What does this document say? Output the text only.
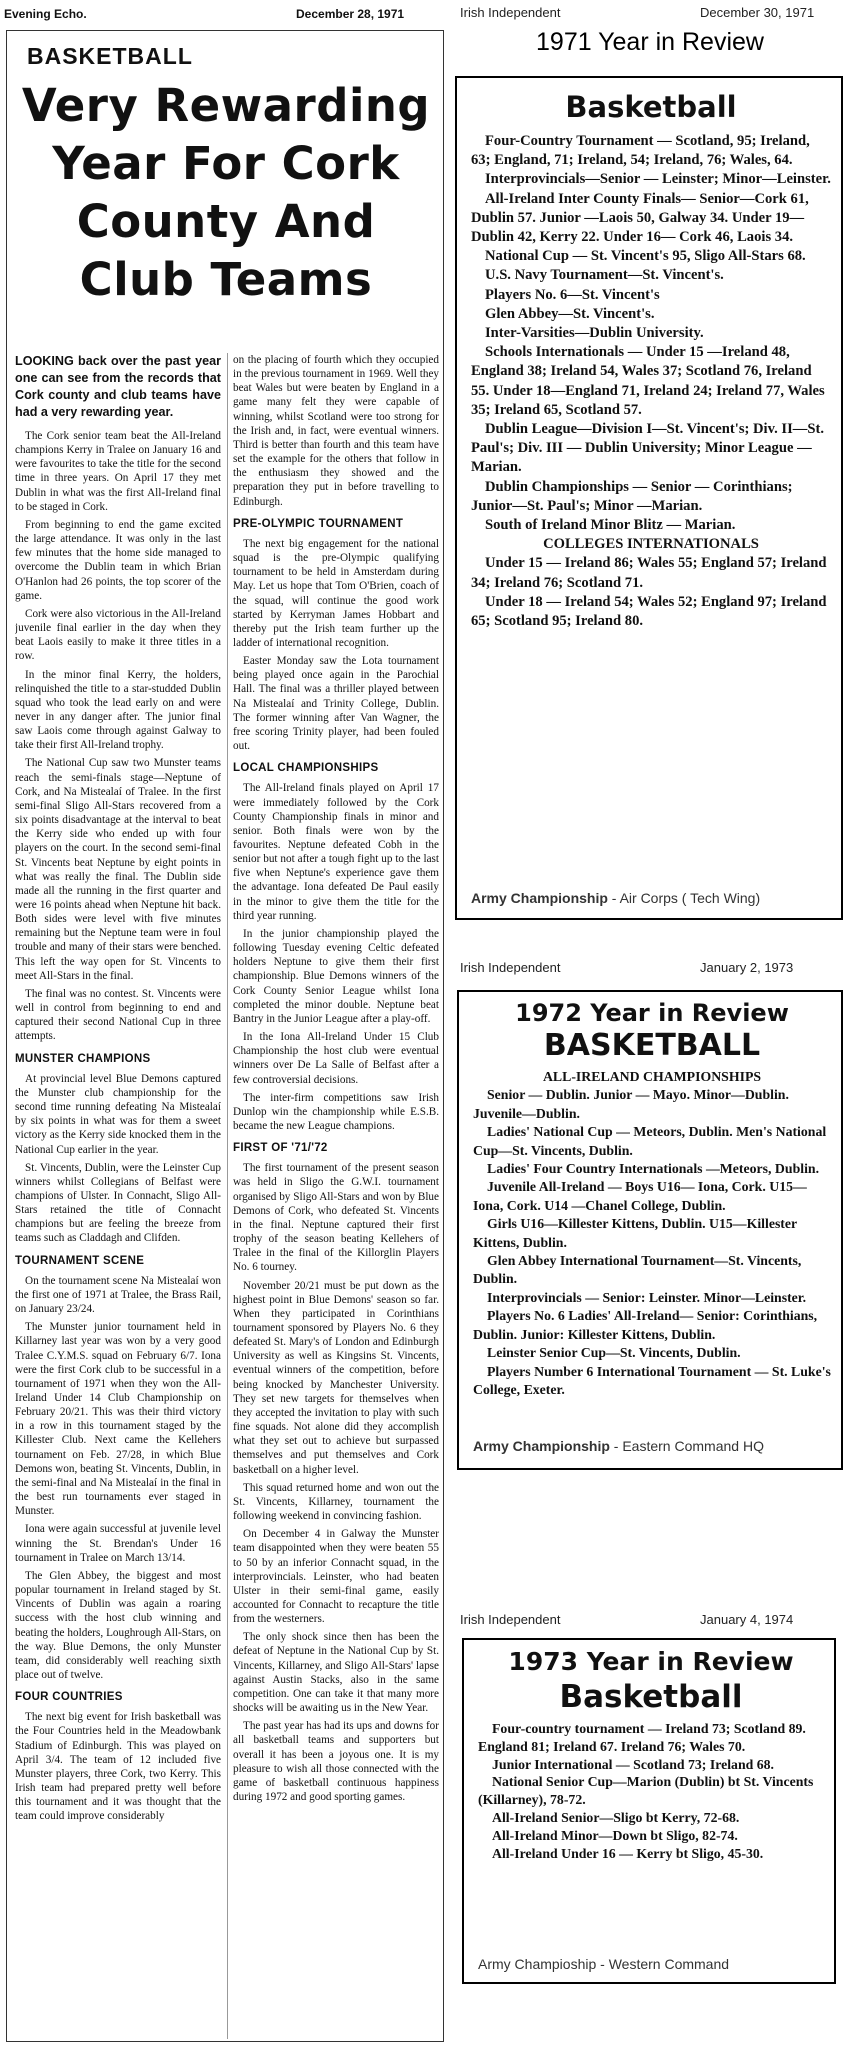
Evening Echo.	December 28, 1971
BASKETBALL
Very Rewarding
Year For Cork
County And
Club Teams

LOOKING back over the past year one can see from the records that Cork county and club teams have had a very rewarding year.

The Cork senior team beat the All-Ireland champions Kerry in Tralee on January 16 and were favourites to take the title for the second time in three years. On April 17 they met Dublin in what was the first All-Ireland final to be staged in Cork.

From beginning to end the game excited the large attendance. It was only in the last few minutes that the home side managed to overcome the Dublin team in which Brian O'Hanlon had 26 points, the top scorer of the game.

Cork were also victorious in the All-Ireland juvenile final earlier in the day when they beat Laois easily to make it three titles in a row.

In the minor final Kerry, the holders, relinquished the title to a star-studded Dublin squad who took the lead early on and were never in any danger after. The junior final saw Laois come through against Galway to take their first All-Ireland trophy.

The National Cup saw two Munster teams reach the semi-finals stage—Neptune of Cork, and Na Mistealaí of Tralee. In the first semi-final Sligo All-Stars recovered from a six points disadvantage at the interval to beat the Kerry side who ended up with four players on the court. In the second semi-final St. Vincents beat Neptune by eight points in what was really the final. The Dublin side made all the running in the first quarter and were 16 points ahead when Neptune hit back. Both sides were level with five minutes remaining but the Neptune team were in foul trouble and many of their stars were benched. This left the way open for St. Vincents to meet All-Stars in the final.

The final was no contest. St. Vincents were well in control from beginning to end and captured their second National Cup in three attempts.

MUNSTER CHAMPIONS

At provincial level Blue Demons captured the Munster club championship for the second time running defeating Na Mistealaí by six points in what was for them a sweet victory as the Kerry side knocked them in the National Cup earlier in the year.

St. Vincents, Dublin, were the Leinster Cup winners whilst Collegians of Belfast were champions of Ulster. In Connacht, Sligo All-Stars retained the title of Connacht champions but are feeling the breeze from teams such as Claddagh and Clifden.

TOURNAMENT SCENE

On the tournament scene Na Mistealaí won the first one of 1971 at Tralee, the Brass Rail, on January 23/24.

The Munster junior tournament held in Killarney last year was won by a very good Tralee C.Y.M.S. squad on February 6/7. Iona were the first Cork club to be successful in a tournament of 1971 when they won the All-Ireland Under 14 Club Championship on February 20/21. This was their third victory in a row in this tournament staged by the Killester Club. Next came the Kellehers tournament on Feb. 27/28, in which Blue Demons won, beating St. Vincents, Dublin, in the semi-final and Na Mistealaí in the final in the best run tournaments ever staged in Munster.

Iona were again successful at juvenile level winning the St. Brendan's Under 16 tournament in Tralee on March 13/14.

The Glen Abbey, the biggest and most popular tournament in Ireland staged by St. Vincents of Dublin was again a roaring success with the host club winning and beating the holders, Loughrough All-Stars, on the way. Blue Demons, the only Munster team, did considerably well reaching sixth place out of twelve.

FOUR COUNTRIES

The next big event for Irish basketball was the Four Countries held in the Meadowbank Stadium of Edinburgh. This was played on April 3/4. The team of 12 included five Munster players, three Cork, two Kerry. This Irish team had prepared pretty well before this tournament and it was thought that the team could improve considerably

on the placing of fourth which they occupied in the previous tournament in 1969. Well they beat Wales but were beaten by England in a game many felt they were capable of winning, whilst Scotland were too strong for the Irish and, in fact, were eventual winners. Third is better than fourth and this team have set the example for the others that follow in the enthusiasm they showed and the preparation they put in before travelling to Edinburgh.

PRE-OLYMPIC TOURNAMENT

The next big engagement for the national squad is the pre-Olympic qualifying tournament to be held in Amsterdam during May. Let us hope that Tom O'Brien, coach of the squad, will continue the good work started by Kerryman James Hobbart and thereby put the Irish team further up the ladder of international recognition.

Easter Monday saw the Lota tournament being played once again in the Parochial Hall. The final was a thriller played between Na Mistealaí and Trinity College, Dublin. The former winning after Van Wagner, the free scoring Trinity player, had been fouled out.

LOCAL CHAMPIONSHIPS

The All-Ireland finals played on April 17 were immediately followed by the Cork County Championship finals in minor and senior. Both finals were won by the favourites. Neptune defeated Cobh in the senior but not after a tough fight up to the last five when Neptune's experience gave them the advantage. Iona defeated De Paul easily in the minor to give them the title for the third year running.

In the junior championship played the following Tuesday evening Celtic defeated holders Neptune to give them their first championship. Blue Demons winners of the Cork County Senior League whilst Iona completed the minor double. Neptune beat Bantry in the Junior League after a play-off.

In the Iona All-Ireland Under 15 Club Championship the host club were eventual winners over De La Salle of Belfast after a few controversial decisions.

The inter-firm competitions saw Irish Dunlop win the championship while E.S.B. became the new League champions.

FIRST OF '71/'72

The first tournament of the present season was held in Sligo the G.W.I. tournament organised by Sligo All-Stars and won by Blue Demons of Cork, who defeated St. Vincents in the final. Neptune captured their first trophy of the season beating Kellehers of Tralee in the final of the Killorglin Players No. 6 tourney.

November 20/21 must be put down as the highest point in Blue Demons' season so far. When they participated in Corinthians tournament sponsored by Players No. 6 they defeated St. Mary's of London and Edinburgh University as well as Kingsins St. Vincents, eventual winners of the competition, before being knocked by Manchester University. They set new targets for themselves when they accepted the invitation to play with such fine squads. Not alone did they accomplish what they set out to achieve but surpassed themselves and put themselves and Cork basketball on a higher level.

This squad returned home and won out the St. Vincents, Killarney, tournament the following weekend in convincing fashion.

On December 4 in Galway the Munster team disappointed when they were beaten 55 to 50 by an inferior Connacht squad, in the interprovincials. Leinster, who had beaten Ulster in their semi-final game, easily accounted for Connacht to recapture the title from the westerners.

The only shock since then has been the defeat of Neptune in the National Cup by St. Vincents, Killarney, and Sligo All-Stars' lapse against Austin Stacks, also in the same competition. One can take it that many more shocks will be awaiting us in the New Year.

The past year has had its ups and downs for all basketball teams and supporters but overall it has been a joyous one. It is my pleasure to wish all those connected with the game of basketball continuous happiness during 1972 and good sporting games.

Irish Independent	December 30, 1971
1971 Year in Review
Basketball
Four-Country Tournament — Scotland, 95; Ireland, 63; England, 71; Ireland, 54; Ireland, 76; Wales, 64.
Interprovincials—Senior — Leinster; Minor—Leinster.
All-Ireland Inter County Finals— Senior—Cork 61, Dublin 57. Junior —Laois 50, Galway 34. Under 19— Dublin 42, Kerry 22. Under 16— Cork 46, Laois 34.
National Cup — St. Vincent's 95, Sligo All-Stars 68.
U.S. Navy Tournament—St. Vincent's.
Players No. 6—St. Vincent's
Glen Abbey—St. Vincent's.
Inter-Varsities—Dublin University.
Schools Internationals — Under 15 —Ireland 48, England 38; Ireland 54, Wales 37; Scotland 76, Ireland 55. Under 18—England 71, Ireland 24; Ireland 77, Wales 35; Ireland 65, Scotland 57.
Dublin League—Division I—St. Vincent's; Div. II—St. Paul's; Div. III — Dublin University; Minor League — Marian.
Dublin Championships — Senior — Corinthians; Junior—St. Paul's; Minor —Marian.
South of Ireland Minor Blitz — Marian.
COLLEGES INTERNATIONALS
Under 15 — Ireland 86; Wales 55; England 57; Ireland 34; Ireland 76; Scotland 71.
Under 18 — Ireland 54; Wales 52; England 97; Ireland 65; Scotland 95; Ireland 80.
Army Championship - Air Corps ( Tech Wing)
Irish Independent	January 2, 1973
1972 Year in Review
BASKETBALL
ALL-IRELAND CHAMPIONSHIPS
Senior — Dublin. Junior — Mayo. Minor—Dublin. Juvenile—Dublin.
Ladies' National Cup — Meteors, Dublin. Men's National Cup—St. Vincents, Dublin.
Ladies' Four Country Internationals —Meteors, Dublin.
Juvenile All-Ireland — Boys U16— Iona, Cork. U15—Iona, Cork. U14 —Chanel College, Dublin.
Girls U16—Killester Kittens, Dublin. U15—Killester Kittens, Dublin.
Glen Abbey International Tournament—St. Vincents, Dublin.
Interprovincials — Senior: Leinster. Minor—Leinster.
Players No. 6 Ladies' All-Ireland— Senior: Corinthians, Dublin. Junior: Killester Kittens, Dublin.
Leinster Senior Cup—St. Vincents, Dublin.
Players Number 6 International Tournament — St. Luke's College, Exeter.
Army Championship - Eastern Command HQ
Irish Independent	January 4, 1974
1973 Year in Review
Basketball
Four-country tournament — Ireland 73; Scotland 89. England 81; Ireland 67. Ireland 76; Wales 70.
Junior International — Scotland 73; Ireland 68.
National Senior Cup—Marion (Dublin) bt St. Vincents (Killarney), 78-72.
All-Ireland Senior—Sligo bt Kerry, 72-68.
All-Ireland Minor—Down bt Sligo, 82-74.
All-Ireland Under 16 — Kerry bt Sligo, 45-30.
Army Champioship - Western Command
